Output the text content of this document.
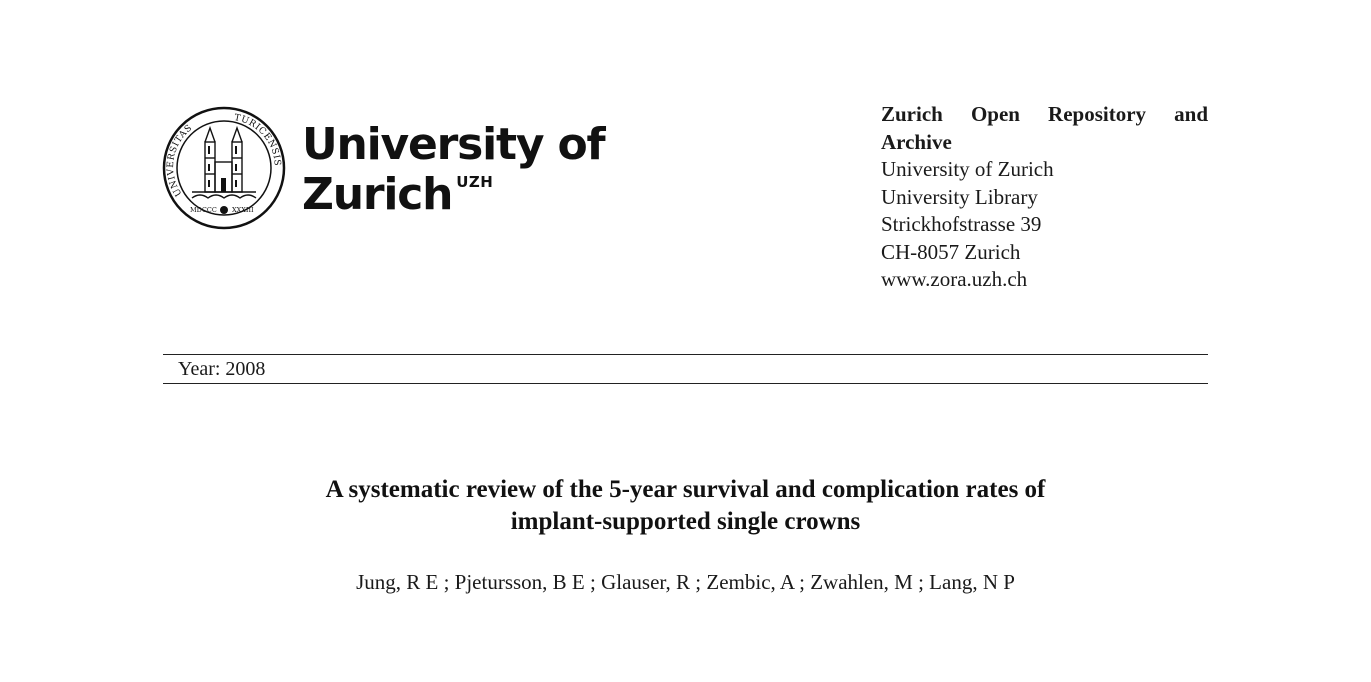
UNIVERSITAS
TURICENSIS
MDCCC XXXIII
University of
Zurich $^{UZH}$
Zurich Open Repository and Archive
University of Zurich
University Library
Strickhofstrasse 39
CH-8057 Zurich
www.zora.uzh.ch
Year: 2008
A systematic review of the 5-year survival and complication rates of
implant-supported single crowns
Jung, R E ; Pjetursson, B E ; Glauser, R ; Zembic, A ; Zwahlen, M ; Lang, N P
